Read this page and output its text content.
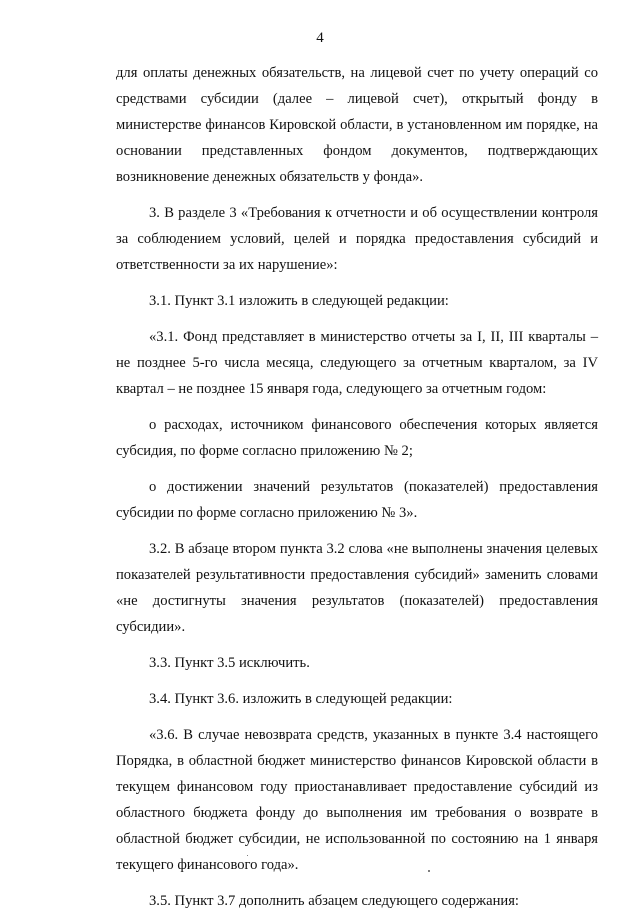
4

для оплаты денежных обязательств, на лицевой счет по учету операций со средствами субсидии (далее – лицевой счет), открытый фонду в министерстве финансов Кировской области, в установленном им порядке, на основании представленных фондом документов, подтверждающих возникновение денежных обязательств у фонда».

3. В разделе 3 «Требования к отчетности и об осуществлении контроля за соблюдением условий, целей и порядка предоставления субсидий и ответственности за их нарушение»:

3.1. Пункт 3.1 изложить в следующей редакции:

«3.1. Фонд представляет в министерство отчеты за I, II, III кварталы – не позднее 5-го числа месяца, следующего за отчетным кварталом, за IV квартал – не позднее 15 января года, следующего за отчетным годом:

о расходах, источником финансового обеспечения которых является субсидия, по форме согласно приложению № 2;

о достижении значений результатов (показателей) предоставления субсидии по форме согласно приложению № 3».

3.2. В абзаце втором пункта 3.2 слова «не выполнены значения целевых показателей результативности предоставления субсидий» заменить словами «не достигнуты значения результатов (показателей) предоставления субсидии».

3.3. Пункт 3.5 исключить.

3.4. Пункт 3.6. изложить в следующей редакции:

«3.6. В случае невозврата средств, указанных в пункте 3.4 настоящего Порядка, в областной бюджет министерство финансов Кировской области в текущем финансовом году приостанавливает предоставление субсидий из областного бюджета фонду до выполнения им требования о возврате в областной бюджет субсидии, не использованной по состоянию на 1 января текущего финансового года».

3.5. Пункт 3.7 дополнить абзацем следующего содержания:
